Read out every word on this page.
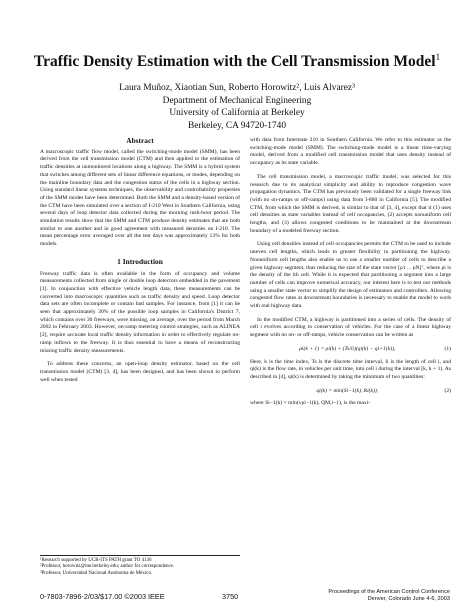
Traffic Density Estimation with the Cell Transmission Model$^1$
Laura Muñoz, Xiaotian Sun, Roberto Horowitz², Luis Alvarez³
Department of Mechanical Engineering
University of California at Berkeley
Berkeley, CA 94720-1740
Abstract

A macroscopic traffic flow model, called the switching-mode model (SMM), has been derived from the cell transmission model (CTM) and then applied to the estimation of traffic densities at unmonitored locations along a highway. The SMM is a hybrid system that switches among different sets of linear difference equations, or modes, depending on the mainline boundary data and the congestion status of the cells in a highway section. Using standard linear systems techniques, the observability and controllability properties of the SMM modes have been determined. Both the SMM and a density-based version of the CTM have been simulated over a section of I-210 West in Southern California, using several days of loop detector data collected during the morning rush-hour period. The simulation results show that the SMM and CTM produce density estimates that are both similar to one another and in good agreement with measured densities on I-210. The mean percentage error averaged over all the test days was approximately 13% for both models.

1 Introduction

Freeway traffic data is often available in the form of occupancy and volume measurements collected from single or double loop detectors embedded in the pavement [1]. In conjunction with effective vehicle length data, these measurements can be converted into macroscopic quantities such as traffic density and speed. Loop detector data sets are often incomplete or contain bad samples. For instance, from [1] it can be seen that approximately 30% of the possible loop samples in California's District 7, which contains over 30 freeways, were missing, on average, over the period from March 2002 to February 2003. However, on-ramp metering control strategies, such as ALINEA [2], require accurate local traffic density information in order to effectively regulate on-ramp inflows to the freeway. It is thus essential to have a means of reconstructing missing traffic density measurements.

To address these concerns, an open-loop density estimator, based on the cell transmission model (CTM) [3, 4], has been designed, and has been shown to perform well when tested

with data from Interstate 210 in Southern California. We refer to this estimator as the switching-mode model (SMM). The switching-mode model is a linear time-varying model, derived from a modified cell transmission model that uses density instead of occupancy as its state variable.

The cell transmission model, a macroscopic traffic model, was selected for this research due to its analytical simplicity and ability to reproduce congestion wave propagation dynamics. The CTM has previously been validated for a single freeway link (with no on-ramps or off-ramps) using data from I-880 in California [5]. The modified CTM, from which the SMM is derived, is similar to that of [3, 4], except that it (1) uses cell densities as state variables instead of cell occupancies, (2) accepts nonuniform cell lengths, and (3) allows congested conditions to be maintained at the downstream boundary of a modeled freeway section.

Using cell densities instead of cell occupancies permits the CTM to be used to include uneven cell lengths, which leads to greater flexibility in partitioning the highway. Nonuniform cell lengths also enable us to use a smaller number of cells to describe a given highway segment, thus reducing the size of the state vector [ρ1 ... ρN]ᵀ, where ρi is the density of the ith cell. While it is expected that partitioning a segment into a large number of cells can improve numerical accuracy, our interest here is to test our methods using a smaller state vector to simplify the design of estimators and controllers. Allowing congested flow rates at downstream boundaries is necessary to enable the model to work with real highway data.

In the modified CTM, a highway is partitioned into a series of cells. The density of cell i evolves according to conservation of vehicles. For the case of a linear highway segment with no on- or off-ramps, vehicle conservation can be written as

ρi(k + 1) = ρi(k) + (Ts/li)(qi(k) − qi+1(k)),	(1)

Here, k is the time index, Ts is the discrete time interval, li is the length of cell i, and qi(k) is the flow rate, in vehicles per unit time, into cell i during the interval [k, k + 1). As described in [4], qi(k) is determined by taking the minimum of two quantities:

qi(k) = min(Si−1(k), Ri(k)),	(2)

where Si−1(k) = min(vρi−1(k), QM,i−1), is the maxi-

¹Research supported by UCB-ITS PATH grant TO 4136
²Professor, horowitz@me.berkeley.edu; author for correspondence.
³Professor, Universidad Nacional Autónoma de México.
0-7803-7896-2/03/$17.00 ©2003 IEEE	3750	Proceedings of the American Control Conference
Denver, Colorado June 4-6, 2003
